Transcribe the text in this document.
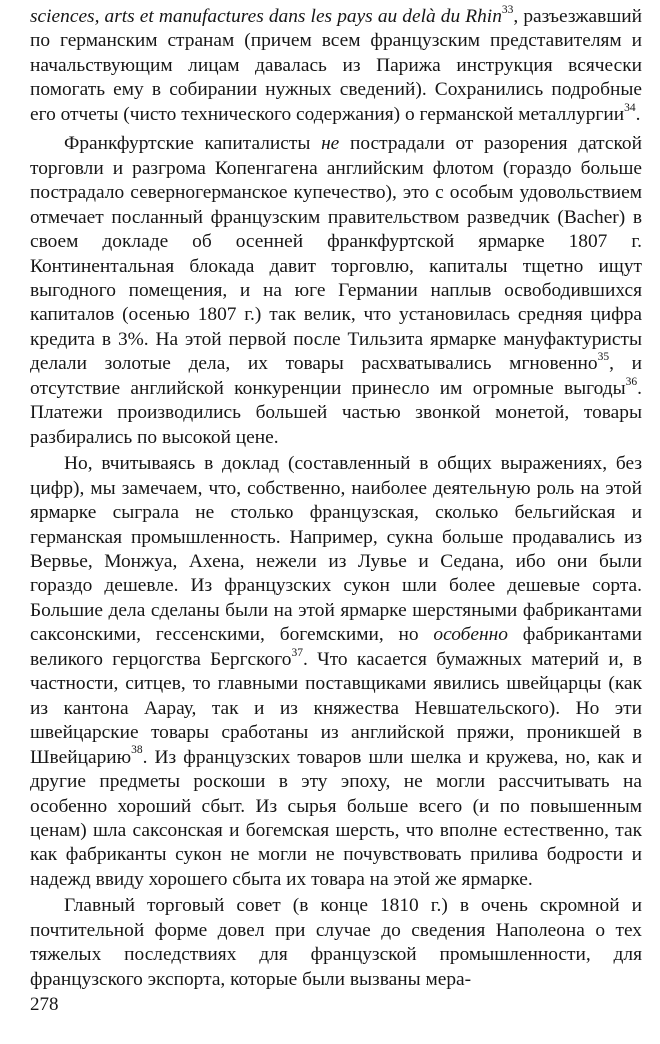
sciences, arts et manufactures dans les pays au delà du Rhin$^{33}$, разъезжавший по германским странам (причем всем французским представителям и начальствующим лицам давалась из Парижа инструкция всячески помогать ему в собирании нужных сведений). Сохранились подробные его отчеты (чисто технического содержания) о германской металлургии$^{34}$.

Франкфуртские капиталисты не пострадали от разорения датской торговли и разгрома Копенгагена английским флотом (гораздо больше пострадало северногерманское купечество), это с особым удовольствием отмечает посланный французским правительством разведчик (Bacher) в своем докладе об осенней франкфуртской ярмарке 1807 г. Континентальная блокада давит торговлю, капиталы тщетно ищут выгодного помещения, и на юге Германии наплыв освободившихся капиталов (осенью 1807 г.) так велик, что установилась средняя цифра кредита в 3%. На этой первой после Тильзита ярмарке мануфактуристы делали золотые дела, их товары расхватывались мгновенно$^{35}$, и отсутствие английской конкуренции принесло им огромные выгоды$^{36}$. Платежи производились большей частью звонкой монетой, товары разбирались по высокой цене.

Но, вчитываясь в доклад (составленный в общих выражениях, без цифр), мы замечаем, что, собственно, наиболее деятельную роль на этой ярмарке сыграла не столько французская, сколько бельгийская и германская промышленность. Например, сукна больше продавались из Вервье, Монжуа, Ахена, нежели из Лувье и Седана, ибо они были гораздо дешевле. Из французских сукон шли более дешевые сорта. Большие дела сделаны были на этой ярмарке шерстяными фабрикантами саксонскими, гессенскими, богемскими, но особенно фабрикантами великого герцогства Бергского$^{37}$. Что касается бумажных материй и, в частности, ситцев, то главными поставщиками явились швейцарцы (как из кантона Аарау, так и из княжества Невшательского). Но эти швейцарские товары сработаны из английской пряжи, проникшей в Швейцарию$^{38}$. Из французских товаров шли шелка и кружева, но, как и другие предметы роскоши в эту эпоху, не могли рассчитывать на особенно хороший сбыт. Из сырья больше всего (и по повышенным ценам) шла саксонская и богемская шерсть, что вполне естественно, так как фабриканты сукон не могли не почувствовать прилива бодрости и надежд ввиду хорошего сбыта их товара на этой же ярмарке.

Главный торговый совет (в конце 1810 г.) в очень скромной и почтительной форме довел при случае до сведения Наполеона о тех тяжелых последствиях для французской промышленности, для французского экспорта, которые были вызваны мера-

278
